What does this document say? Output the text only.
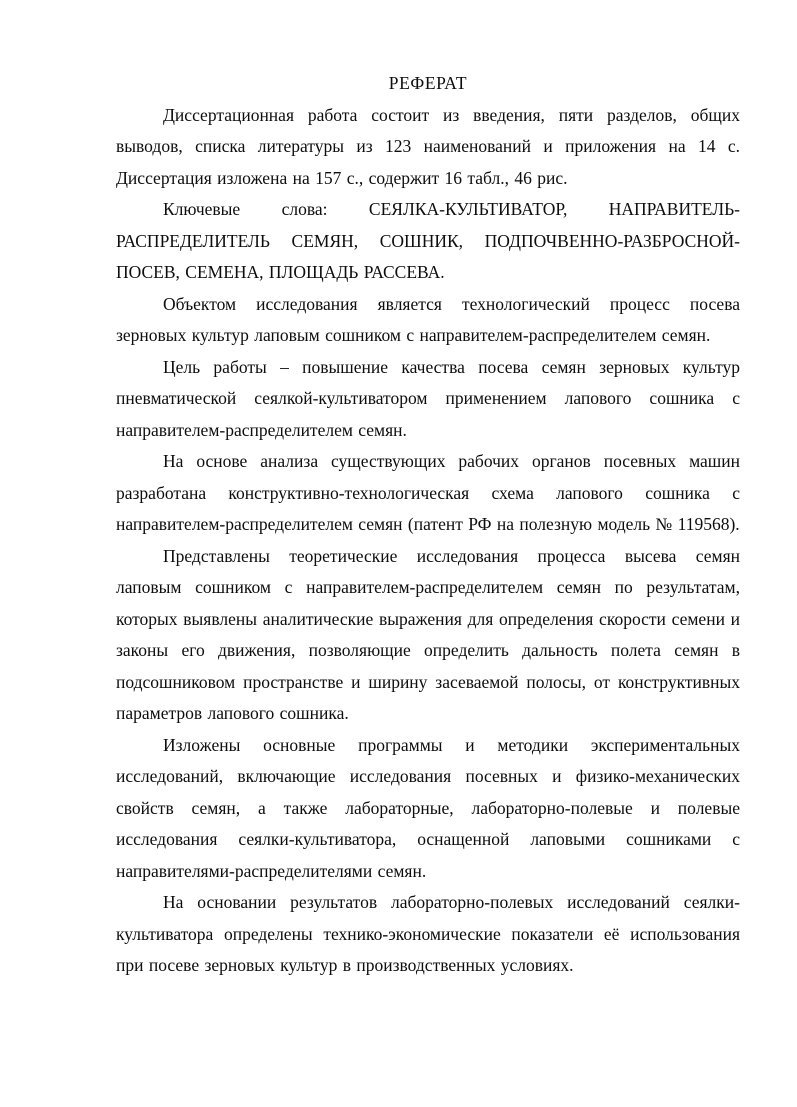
РЕФЕРАТ

Диссертационная работа состоит из введения, пяти разделов, общих выводов, списка литературы из 123 наименований и приложения на 14 с. Диссертация изложена на 157 с., содержит 16 табл., 46 рис.

Ключевые слова: СЕЯЛКА-КУЛЬТИВАТОР, НАПРАВИТЕЛЬ-РАСПРЕДЕЛИТЕЛЬ СЕМЯН, СОШНИК, ПОДПОЧВЕННО-РАЗБРОСНОЙ-ПОСЕВ, СЕМЕНА, ПЛОЩАДЬ РАССЕВА.

Объектом исследования является технологический процесс посева зерновых культур лаповым сошником с направителем-распределителем семян.

Цель работы – повышение качества посева семян зерновых культур пневматической сеялкой-культиватором применением лапового сошника с направителем-распределителем семян.

На основе анализа существующих рабочих органов посевных машин разработана конструктивно-технологическая схема лапового сошника с направителем-распределителем семян (патент РФ на полезную модель № 119568).

Представлены теоретические исследования процесса высева семян лаповым сошником с направителем-распределителем семян по результатам, которых выявлены аналитические выражения для определения скорости семени и законы его движения, позволяющие определить дальность полета семян в подсошниковом пространстве и ширину засеваемой полосы, от конструктивных параметров лапового сошника.

Изложены основные программы и методики экспериментальных исследований, включающие исследования посевных и физико-механических свойств семян, а также лабораторные, лабораторно-полевые и полевые исследования сеялки-культиватора, оснащенной лаповыми сошниками с направителями-распределителями семян.

На основании результатов лабораторно-полевых исследований сеялки-культиватора определены технико-экономические показатели её использования при посеве зерновых культур в производственных условиях.
